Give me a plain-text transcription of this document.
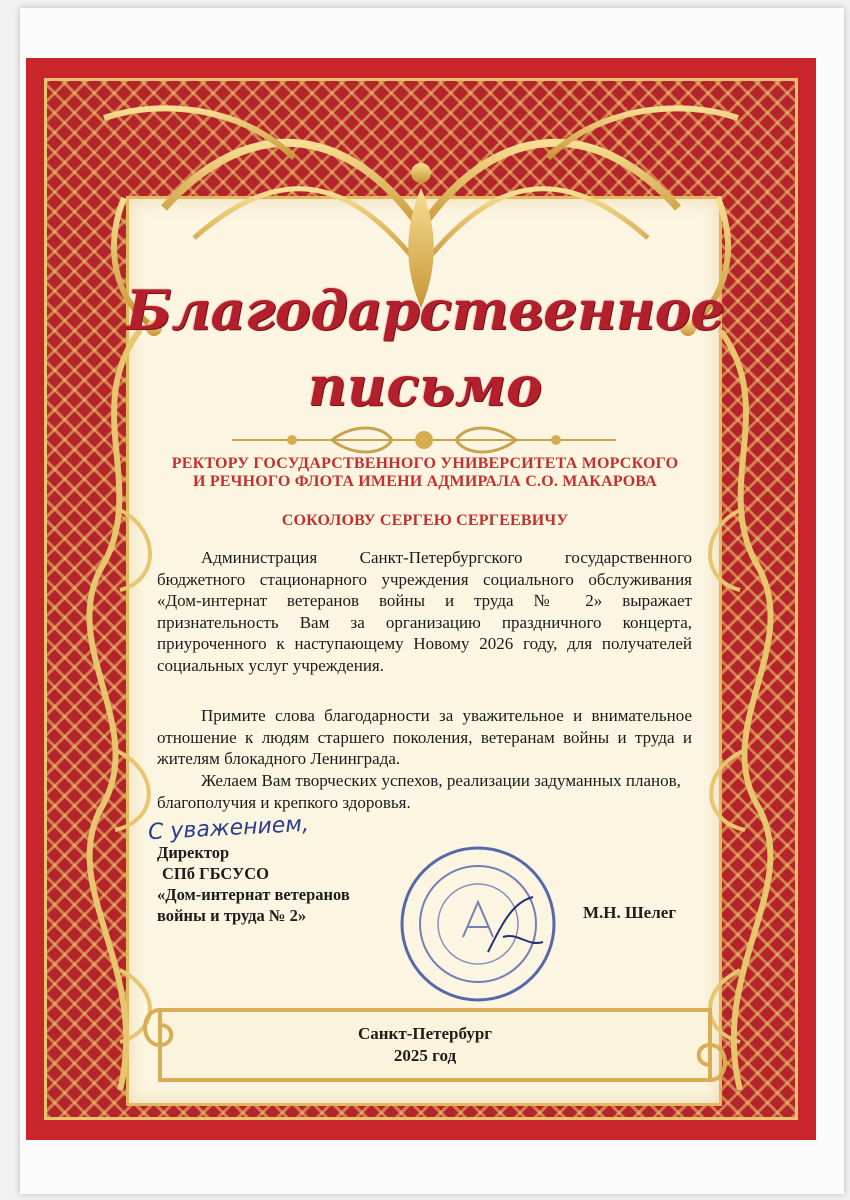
Благодарственное
письмо
РЕКТОРУ ГОСУДАРСТВЕННОГО УНИВЕРСИТЕТА МОРСКОГО
И РЕЧНОГО ФЛОТА ИМЕНИ АДМИРАЛА С.О. МАКАРОВА
СОКОЛОВУ СЕРГЕЮ СЕРГЕЕВИЧУ
Администрация Санкт-Петербургского государственного бюджетного стационарного учреждения социального обслуживания «Дом-интернат ветеранов войны и труда № 2» выражает признательность Вам за организацию праздничного концерта, приуроченного к наступающему Новому 2026 году, для получателей социальных услуг учреждения.
Примите слова благодарности за уважительное и внимательное отношение к людям старшего поколения, ветеранам войны и труда и жителям блокадного Ленинграда.
Желаем Вам творческих успехов, реализации задуманных планов, благополучия и крепкого здоровья.
С уважением,
Директор
СПб ГБСУСО
«Дом-интернат ветеранов
войны и труда № 2»	М.Н. Шелег
Санкт-Петербург
2025 год
